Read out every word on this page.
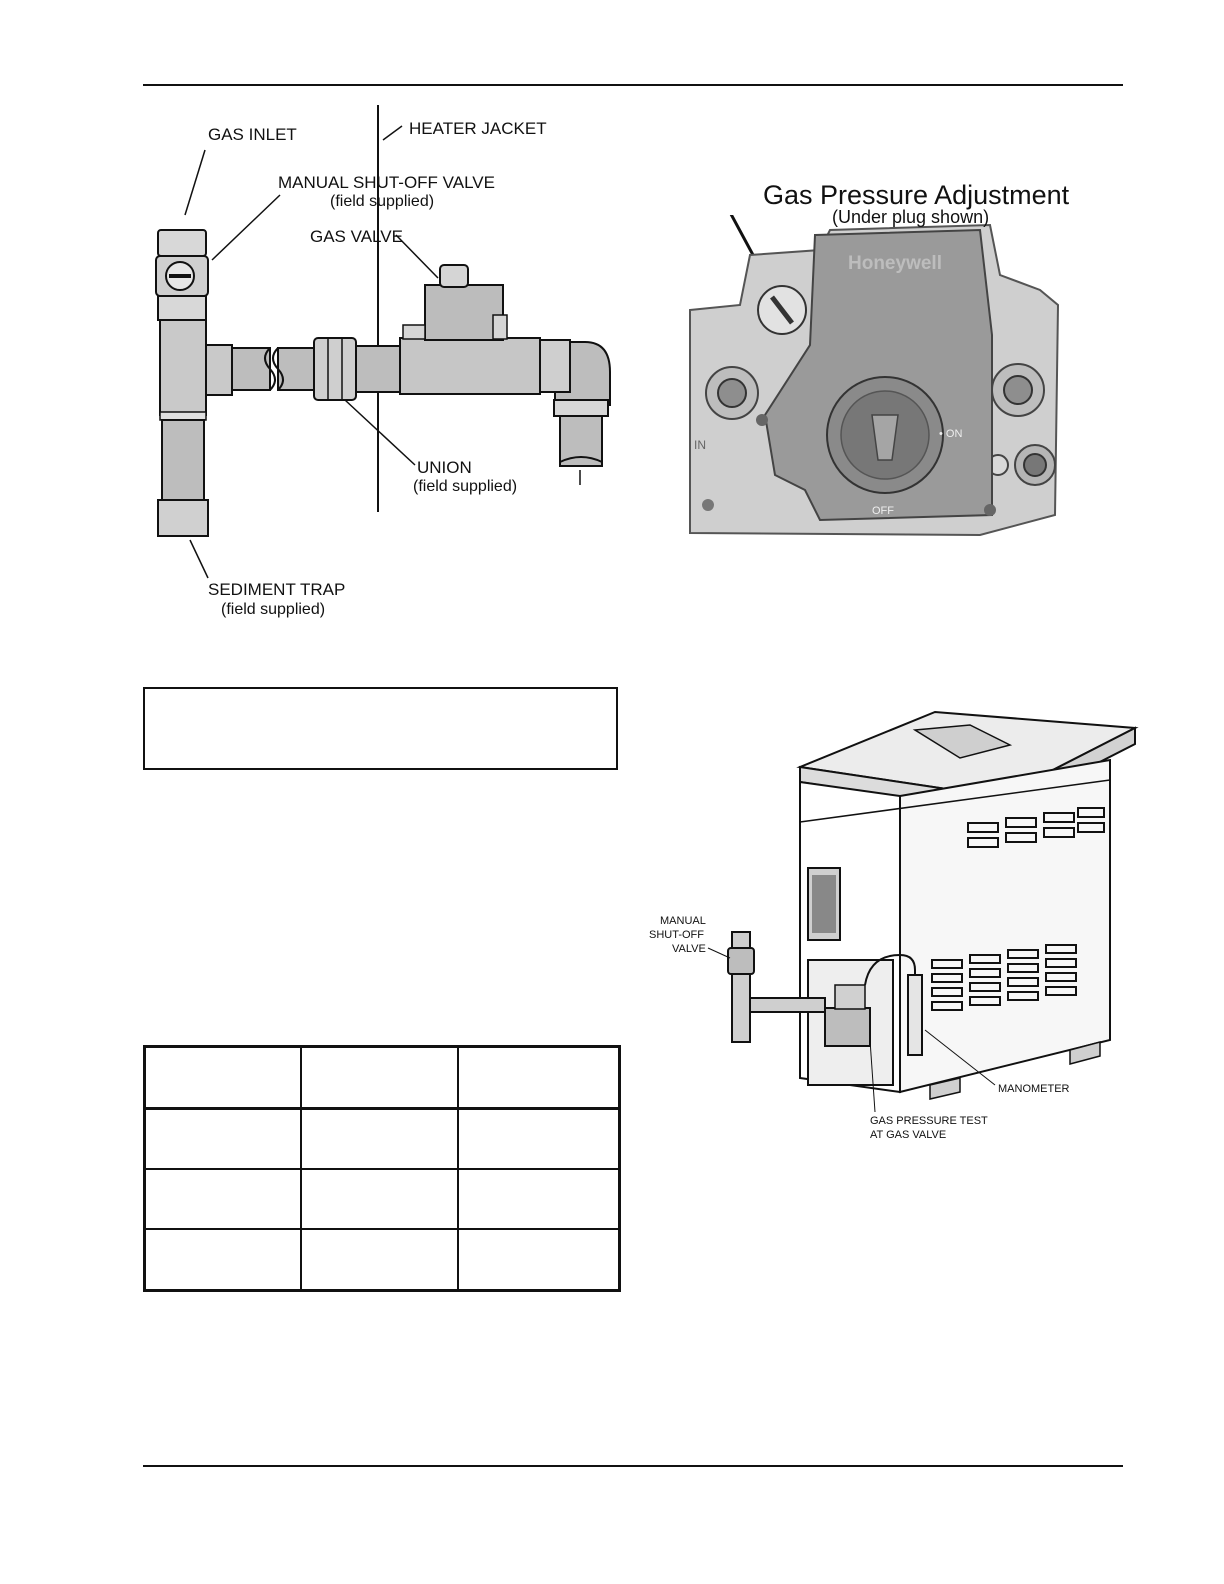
GAS INLET	HEATER JACKET
MANUAL SHUT-OFF VALVE
(field supplied)
GAS VALVE
UNION
(field supplied)
SEDIMENT TRAP
(field supplied)
Gas Pressure Adjustment
(Under plug shown)
Honeywell
• ON
OFF
IN

MANUAL
SHUT-OFF
VALVE
MANOMETER
GAS PRESSURE TEST
AT GAS VALVE
